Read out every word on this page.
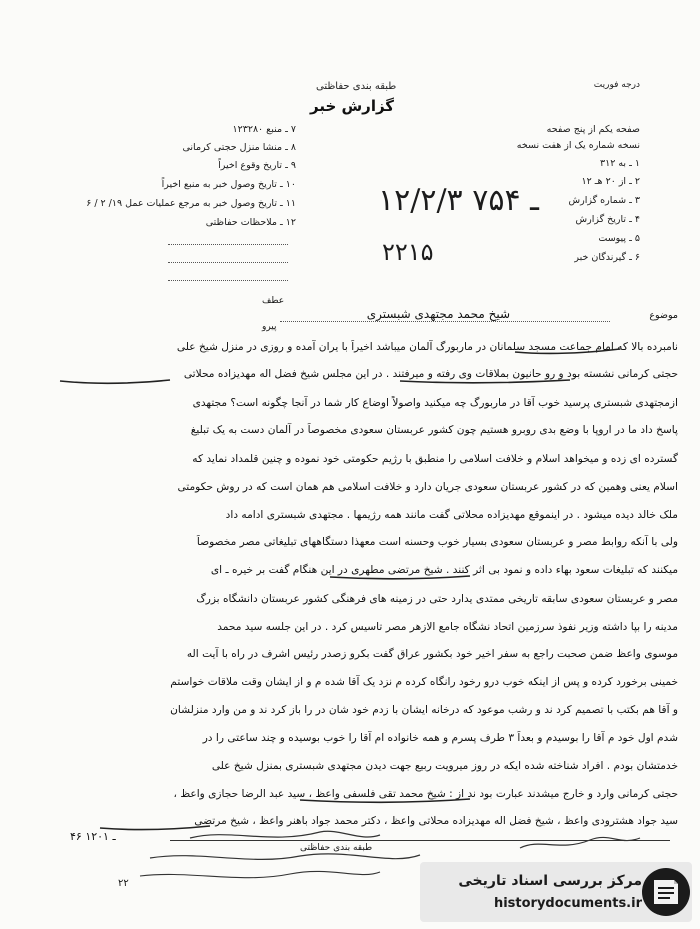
درجه فوریت
طبقه بندی حفاظتی
گزارش خبر
۷ ـ منبع ۱۲۳۲۸۰
۸ ـ منشا منزل حجتی کرمانی
۹ ـ تاریخ وقوع اخیراً
۱۰ ـ تاریخ وصول خبر به منبع اخیراً
۱۱ ـ تاریخ وصول خبر به مرجع عملیات عمل ۱۹/ ۲ / ۶
۱۲ ـ ملاحظات حفاظتی
صفحه یکم از پنج صفحه
نسخه شماره یک از هفت نسخه
۱ ـ به ۳۱۲
۲ ـ از ۲۰ هـ ۱۲
۳ ـ شماره گزارش
۴ ـ تاریخ گزارش
۵ ـ پیوست
۶ ـ گیرندگان خبر
۱۲/۲/۳ ـ ۷۵۴
۲۲۱۵
عطف
پیرو
موضوع
شیخ محمد مجتهدی شبستری
نامبرده بالا که امام جماعت مسجد سلمانان در ماربورگ آلمان میباشد اخیراً با یران آمده و روزی در منزل شیخ علی
حجتی کرمانی نشسته بود و رو حانیون بملاقات وی رفته و میرفتند . در این مجلس شیخ فضل اله مهدیزاده محلاتی
ازمجتهدی شبستری پرسید خوب آقا در ماربورگ چه میکنید واصولاً اوضاع کار شما در آنجا چگونه است؟ مجتهدی
پاسخ داد ما در اروپا با وضع بدی روبرو هستیم چون کشور عربستان سعودی مخصوصاً در آلمان دست به یک تبلیغ
گسترده ای زده و میخواهد اسلام و خلافت اسلامی را منطبق با رژیم حکومتی خود نموده و چنین قلمداد نماید که
اسلام یعنی وهمین که در کشور عربستان سعودی جریان دارد و خلافت اسلامی هم همان است که در روش حکومتی
ملک خالد دیده میشود . در اینموقع مهدیزاده محلاتی گفت مانند همه رژیمها . مجتهدی شبستری ادامه داد
ولی با آنکه روابط مصر و عربستان سعودی بسیار خوب وحسنه است معهذا دستگاههای تبلیغاتی مصر مخصوصاً
میکنند که تبلیغات سعود بهاء داده و نمود بی اثر کنند . شیخ مرتضی مطهری در این هنگام گفت بر خیره ـ ای
مصر و عربستان سعودی سابقه تاریخی ممتدی یدارد حتی در زمینه های فرهنگی کشور عربستان دانشگاه بزرگ
مدینه را بپا داشته وزیر نفوذ سرزمین اتحاد نشگاه جامع الازهر مصر تاسیس کرد . در این جلسه سید محمد
موسوی واعظ ضمن صحبت راجع به سفر اخیر خود بکشور عراق گفت بکرو زصدر رئیس اشرف در راه با آیت اله
خمینی برخورد کرده و پس از اینکه خوب درو رخود رانگاه کرده م نزد یک آقا شده م و از ایشان وقت ملاقات خواستم
و آقا هم بکتب با تصمیم کرد ند و رشب موعود که درخانه ایشان با زدم خود شان در را باز کرد ند و من وارد منزلشان
شدم اول خود م آقا را بوسیدم و بعداً ۳ طرف پسرم و همه خانواده ام آقا را خوب بوسیده و چند ساعتی را در
خدمتشان بودم . افراد شناخته شده ایکه در روز میرویت ربیع جهت دیدن مجتهدی شبستری بمنزل شیخ علی
حجتی کرمانی وارد و خارج میشدند عبارت بود ند از : شیخ محمد تقی فلسفی واعظ ، سید عبد الرضا حجازی واعظ ،
سید جواد هشترودی واعظ ، شیخ فضل اله مهدیزاده محلاتی واعظ ، دکتر محمد جواد باهنر واعظ ، شیخ مرتضی
۴۶ ـ ۱۲۰۱
طبقه بندی حفاظتی
۲۲	مرکز بررسی اسناد تاریخی
historydocuments.ir
